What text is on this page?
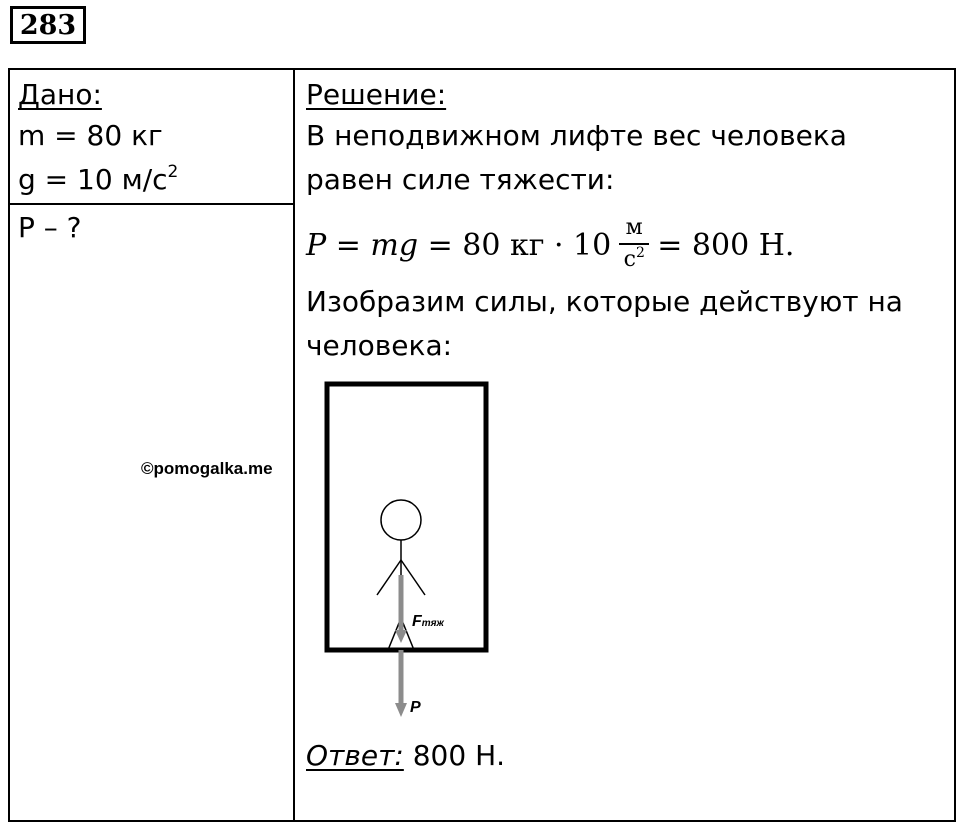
283
Дано:
m = 80 кг
g = 10 $м/с^2$
P – ?
Решение:
В неподвижном лифте вес человека
равен силе тяжести:
P = mg = 80 кг · $10 \frac{м}{с^2} = 800$ Н.
Изобразим силы, которые действуют на
человека:
Ответ: 800 Н.
©pomogalka.me
Fтяж
P
